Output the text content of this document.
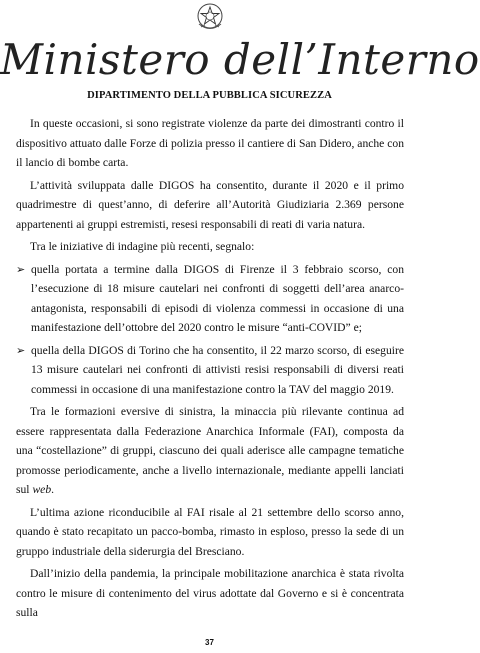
Ministero dell’Interno
DIPARTIMENTO DELLA PUBBLICA SICUREZZA

In queste occasioni, si sono registrate violenze da parte dei dimostranti contro il dispositivo attuato dalle Forze di polizia presso il cantiere di San Didero, anche con il lancio di bombe carta.

L’attività sviluppata dalle DIGOS ha consentito, durante il 2020 e il primo quadrimestre di quest’anno, di deferire all’Autorità Giudiziaria 2.369 persone appartenenti ai gruppi estremisti, resesi responsabili di reati di varia natura.

Tra le iniziative di indagine più recenti, segnalo:

➢ quella portata a termine dalla DIGOS di Firenze il 3 febbraio scorso, con l’esecuzione di 18 misure cautelari nei confronti di soggetti dell’area anarco-antagonista, responsabili di episodi di violenza commessi in occasione di una manifestazione dell’ottobre del 2020 contro le misure “anti-COVID” e;
➢ quella della DIGOS di Torino che ha consentito, il 22 marzo scorso, di eseguire 13 misure cautelari nei confronti di attivisti resisi responsabili di diversi reati commessi in occasione di una manifestazione contro la TAV del maggio 2019.

Tra le formazioni eversive di sinistra, la minaccia più rilevante continua ad essere rappresentata dalla Federazione Anarchica Informale (FAI), composta da una “costellazione” di gruppi, ciascuno dei quali aderisce alle campagne tematiche promosse periodicamente, anche a livello internazionale, mediante appelli lanciati sul web.

L’ultima azione riconducibile al FAI risale al 21 settembre dello scorso anno, quando è stato recapitato un pacco-bomba, rimasto in esploso, presso la sede di un gruppo industriale della siderurgia del Bresciano.

Dall’inizio della pandemia, la principale mobilitazione anarchica è stata rivolta contro le misure di contenimento del virus adottate dal Governo e si è concentrata sulla

37
